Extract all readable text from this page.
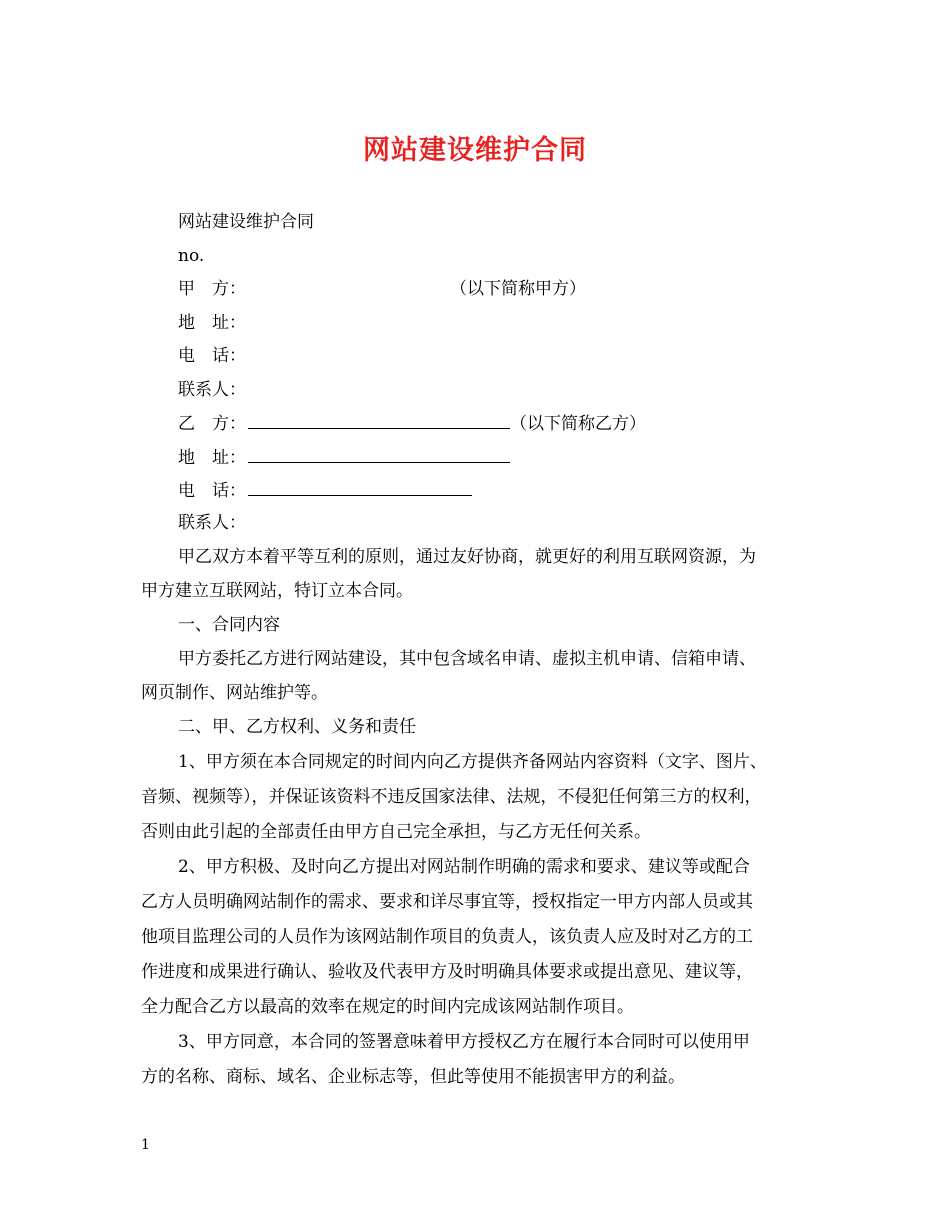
网站建设维护合同
网站建设维护合同
no.
甲　方：	（以下简称甲方）
地　址：
电　话：
联系人：
乙　方：	（以下简称乙方）
地　址：
电　话：
联系人：
甲乙双方本着平等互利的原则，通过友好协商，就更好的利用互联网资源，为
甲方建立互联网站，特订立本合同。
一、合同内容
甲方委托乙方进行网站建设，其中包含域名申请、虚拟主机申请、信箱申请、
网页制作、网站维护等。
二、甲、乙方权利、义务和责任
1、甲方须在本合同规定的时间内向乙方提供齐备网站内容资料（文字、图片、
音频、视频等），并保证该资料不违反国家法律、法规，不侵犯任何第三方的权利，
否则由此引起的全部责任由甲方自己完全承担，与乙方无任何关系。
2、甲方积极、及时向乙方提出对网站制作明确的需求和要求、建议等或配合
乙方人员明确网站制作的需求、要求和详尽事宜等，授权指定一甲方内部人员或其
他项目监理公司的人员作为该网站制作项目的负责人，该负责人应及时对乙方的工
作进度和成果进行确认、验收及代表甲方及时明确具体要求或提出意见、建议等，
全力配合乙方以最高的效率在规定的时间内完成该网站制作项目。
3、甲方同意，本合同的签署意味着甲方授权乙方在履行本合同时可以使用甲
方的名称、商标、域名、企业标志等，但此等使用不能损害甲方的利益。
1
